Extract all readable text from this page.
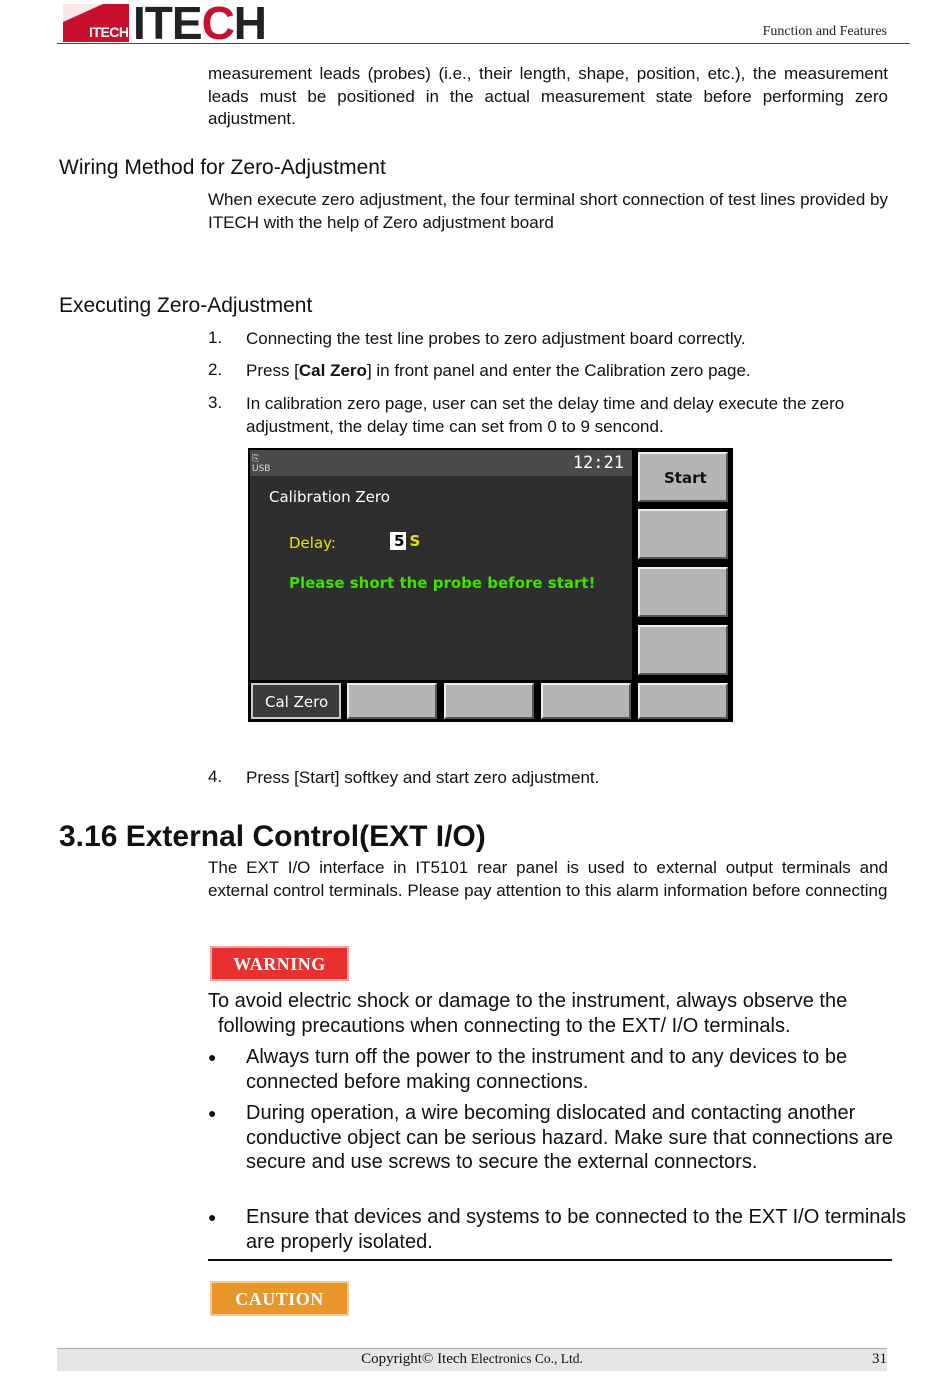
ITECH ITECH	Function and Features
measurement leads (probes) (i.e., their length, shape, position, etc.), the measurement leads must be positioned in the actual measurement state before performing zero adjustment.
Wiring Method for Zero-Adjustment
When execute zero adjustment, the four terminal short connection of test lines provided by ITECH with the help of Zero adjustment board
Executing Zero-Adjustment
1. Connecting the test line probes to zero adjustment board correctly.
2. Press [Cal Zero] in front panel and enter the Calibration zero page.
3. In calibration zero page, user can set the delay time and delay execute the zero adjustment, the delay time can set from 0 to 9 sencond.
⎘
USB	12:21
Calibration Zero
Delay:	5 S
Please short the probe before start!
Start
Cal Zero
4. Press [Start] softkey and start zero adjustment.
3.16 External Control(EXT I/O)
The EXT I/O interface in IT5101 rear panel is used to external output terminals and external control terminals. Please pay attention to this alarm information before connecting
WARNING
To avoid electric shock or damage to the instrument, always observe the
following precautions when connecting to the EXT/ I/O terminals.
● Always turn off the power to the instrument and to any devices to be connected before making connections.
● During operation, a wire becoming dislocated and contacting another conductive object can be serious hazard. Make sure that connections are secure and use screws to secure the external connectors.
● Ensure that devices and systems to be connected to the EXT I/O terminals are properly isolated.
CAUTION
Copyright© Itech Electronics Co., Ltd.	31
